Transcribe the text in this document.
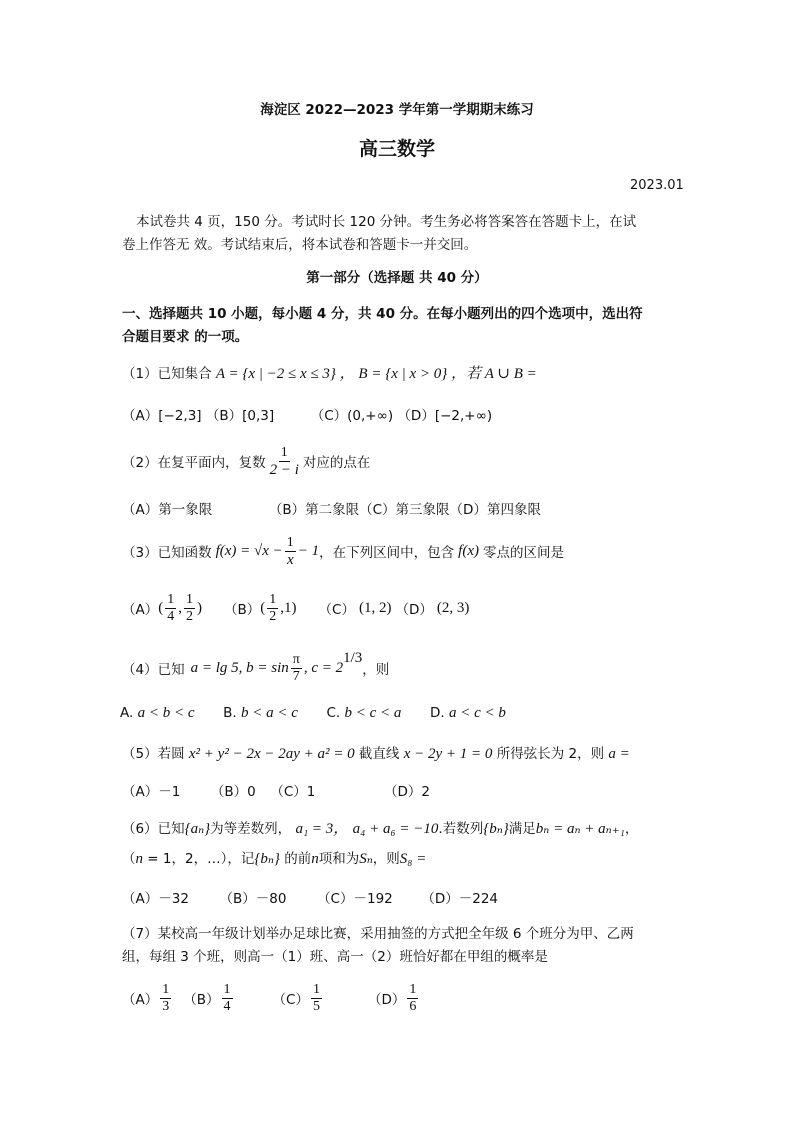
海淀区 2022—2023 学年第一学期期末练习
高三数学
2023.01
本试卷共 4 页，150 分。考试时长 120 分钟。考生务必将答案答在答题卡上，在试
卷上作答无 效。考试结束后，将本试卷和答题卡一并交回。
第一部分（选择题 共 40 分）
一、选择题共 10 小题，每小题 4 分，共 40 分。在每小题列出的四个选项中，选出符
合题目要求 的一项。
（1）已知集合 A = {x | −2 ≤ x ≤ 3} ， B = {x | x > 0} ，若 A ∪ B =
（A）[−2,3] （B）[0,3]	（C）(0,+∞) （D）[−2,+∞)
（2） 在复平面内，复数 $\frac{1}{2 - i}$ 对应的点在
（A）第一象限	（B）第二象限（C）第三象限（D）第四象限
（3） 已知函数 $f(x) = √x - \frac{1}{x} - 1$ ，在下列区间中，包含 f(x) 零点的区间是
（A） ( $\frac{1}{4}$ , $\frac{1}{2}$ ) （B） ( $\frac{1}{2} ,1$) （C） (1, 2) （D） (2, 3)
（4） 已知 a = lg 5, $b = \sin \frac{\pi}{7}$ , c = 2
$^{1/3}$
，则
A. a < b < c B. b < a < c C. b < c < a D. a < c < b
（5）若圆 x² + y² − 2x − 2ay + a² = 0 截直线 x − 2y + 1 = 0 所得弦长为 2，则 a =
（A）－1 （B）0 （C）1	（D）2
（6）已知{aₙ}为等差数列， a₁ = 3， a₄ + a₆ = −10.若数列{bₙ}满足bₙ = aₙ + aₙ₊₁，
（n = 1，2，…），记{bₙ} 的前n项和为Sₙ，则S₈ =
（A）－32 （B）－80 （C）－192 （D）－224
（7）某校高一年级计划举办足球比赛，采用抽签的方式把全年级 6 个班分为甲、乙两
组，每组 3 个班，则高一（1）班、高一（2）班恰好都在甲组的概率是
$(A) \frac{1}{3} (B) \frac{1}{4}$	$(C) \frac{1}{5}$	$(D) \frac{1}{6}$
